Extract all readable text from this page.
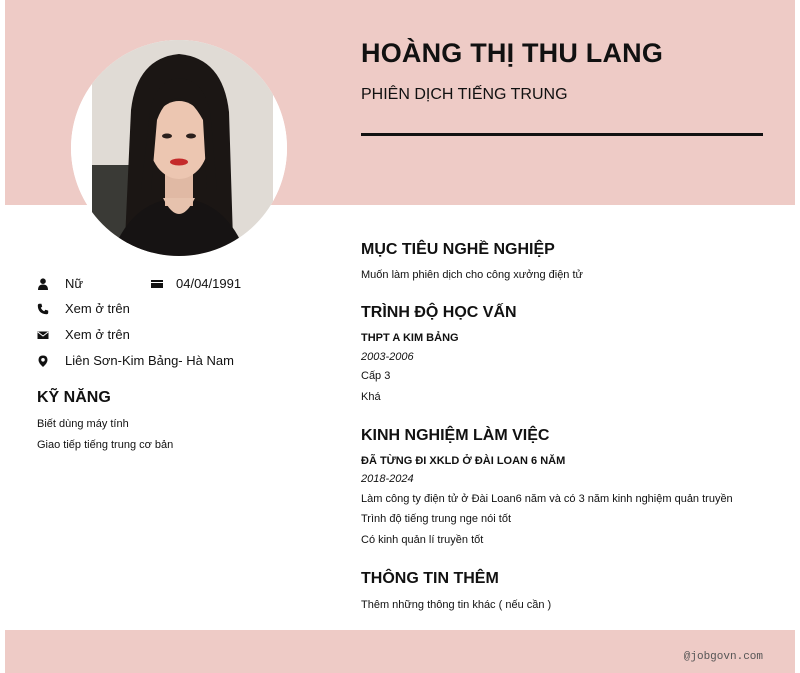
HOÀNG THỊ THU LANG
PHIÊN DỊCH TIẾNG TRUNG
Nữ	04/04/1991
Xem ở trên
Xem ở trên
Liên Sơn-Kim Bảng- Hà Nam
KỸ NĂNG
Biết dùng máy tính
Giao tiếp tiếng trung cơ bản
MỤC TIÊU NGHỀ NGHIỆP
Muốn làm phiên dịch cho công xưởng điện tử
TRÌNH ĐỘ HỌC VẤN
THPT A KIM BẢNG
2003-2006
Cấp 3
Khá
KINH NGHIỆM LÀM VIỆC
ĐÃ TỪNG ĐI XKLD Ở ĐÀI LOAN 6 NĂM
2018-2024
Làm công ty điện tử ở Đài Loan6 năm và có 3 năm kinh nghiệm quản truyền
Trình độ tiếng trung nge nói tốt
Có kinh quản lí truyền tốt
THÔNG TIN THÊM
Thêm những thông tin khác ( nếu cần )
@jobgovn.com
